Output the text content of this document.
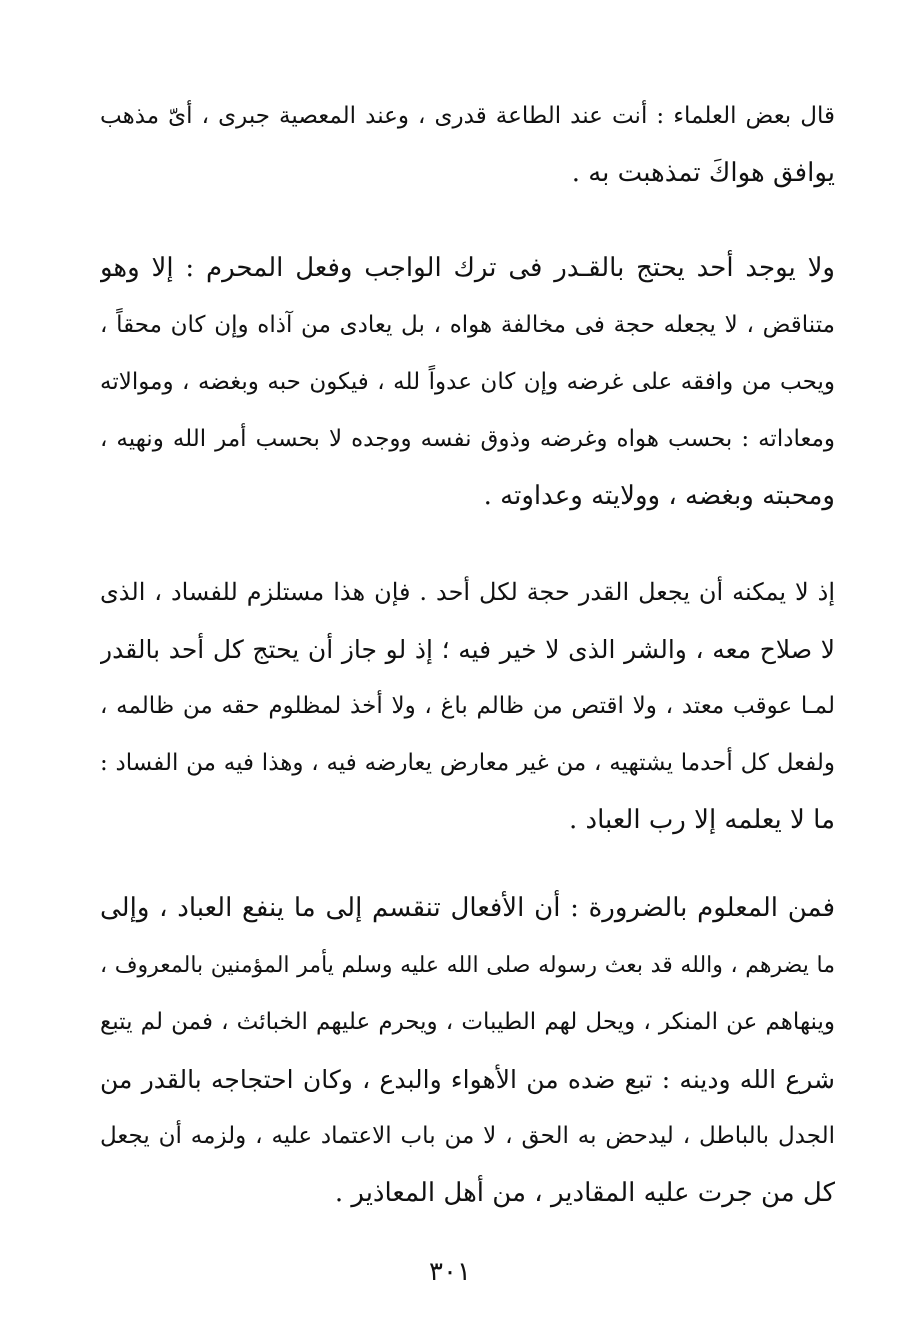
قال بعض العلماء : أنت عند الطاعة قدرى ، وعند المعصية جبرى ، أىّ مذهب
يوافق هواكَ تمذهبت به .
ولا يوجد أحد يحتج بالقـدر فى ترك الواجب وفعل المحرم : إلا وهو
متناقض ، لا يجعله حجة فى مخالفة هواه ، بل يعادى من آذاه وإن كان محقاً ،
ويحب من وافقه على غرضه وإن كان عدواً لله ، فيكون حبه وبغضه ، وموالاته
ومعاداته : بحسب هواه وغرضه وذوق نفسه ووجده لا بحسب أمر الله ونهيه ،
ومحبته وبغضه ، وولايته وعداوته .
إذ لا يمكنه أن يجعل القدر حجة لكل أحد . فإن هذا مستلزم للفساد ، الذى
لا صلاح معه ، والشر الذى لا خير فيه ؛ إذ لو جاز أن يحتج كل أحد بالقدر
لمـا عوقب معتد ، ولا اقتص من ظالم باغ ، ولا أخذ لمظلوم حقه من ظالمه ،
ولفعل كل أحدما يشتهيه ، من غير معارض يعارضه فيه ، وهذا فيه من الفساد :
ما لا يعلمه إلا رب العباد .
فمن المعلوم بالضرورة : أن الأفعال تنقسم إلى ما ينفع العباد ، وإلى
ما يضرهم ، والله قد بعث رسوله صلى الله عليه وسلم يأمر المؤمنين بالمعروف ،
وينهاهم عن المنكر ، ويحل لهم الطيبات ، ويحرم عليهم الخبائث ، فمن لم يتبع
شرع الله ودينه : تبع ضده من الأهواء والبدع ، وكان احتجاجه بالقدر من
الجدل بالباطل ، ليدحض به الحق ، لا من باب الاعتماد عليه ، ولزمه أن يجعل
كل من جرت عليه المقادير ، من أهل المعاذير .
٣٠١
